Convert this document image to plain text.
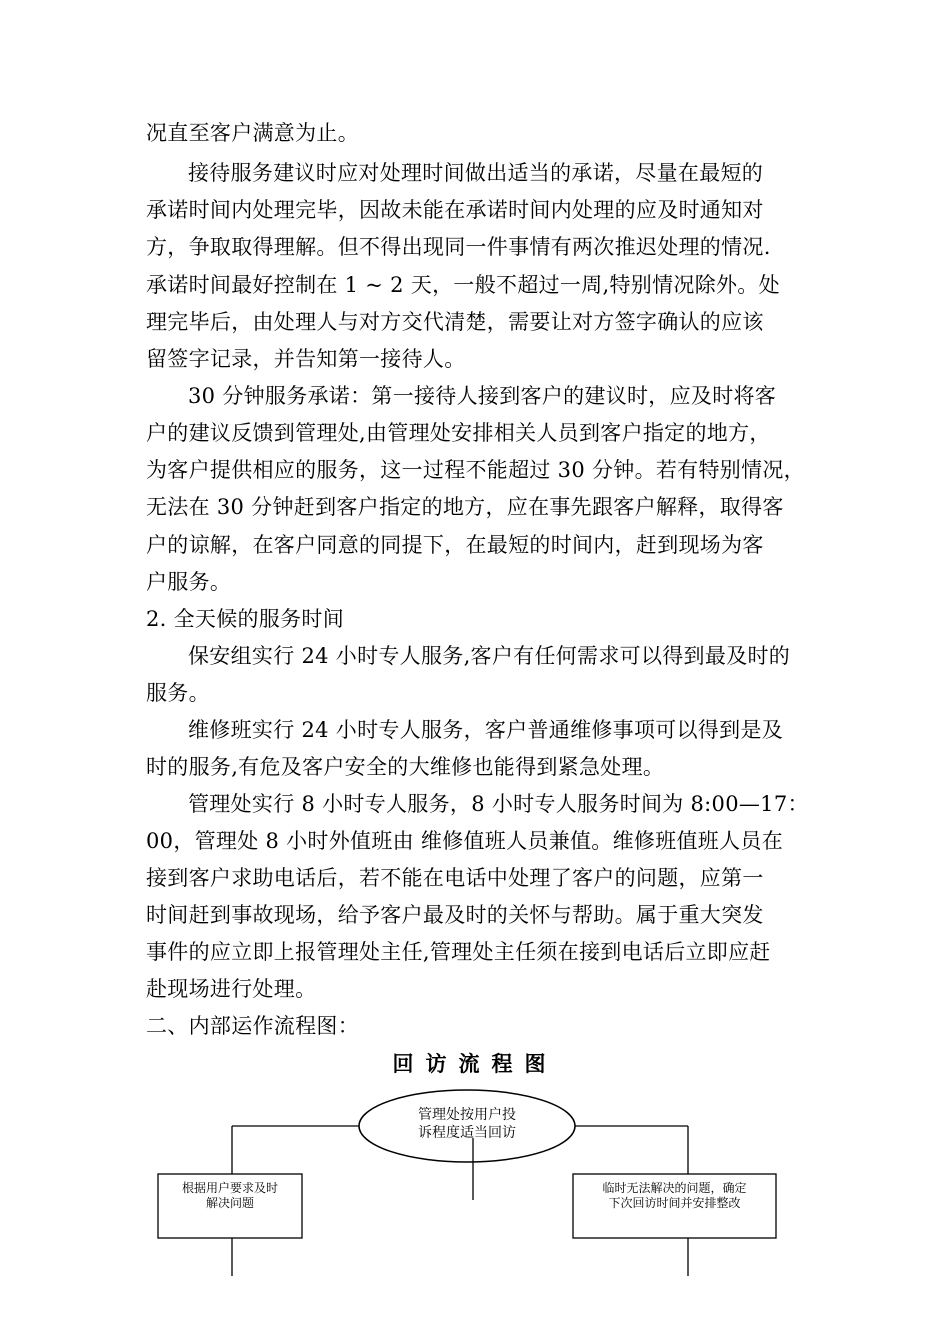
况直至客户满意为止。
接待服务建议时应对处理时间做出适当的承诺，尽量在最短的
承诺时间内处理完毕，因故未能在承诺时间内处理的应及时通知对
方，争取取得理解。但不得出现同一件事情有两次推迟处理的情况.
承诺时间最好控制在 1 ~ 2 天，一般不超过一周,特别情况除外。处
理完毕后，由处理人与对方交代清楚，需要让对方签字确认的应该
留签字记录，并告知第一接待人。
30 分钟服务承诺：第一接待人接到客户的建议时，应及时将客
户的建议反馈到管理处,由管理处安排相关人员到客户指定的地方，
为客户提供相应的服务，这一过程不能超过 30 分钟。若有特别情况，
无法在 30 分钟赶到客户指定的地方，应在事先跟客户解释，取得客
户的谅解，在客户同意的同提下，在最短的时间内，赶到现场为客
户服务。
2. 全天候的服务时间
保安组实行 24 小时专人服务,客户有任何需求可以得到最及时的
服务。
维修班实行 24 小时专人服务，客户普通维修事项可以得到是及
时的服务,有危及客户安全的大维修也能得到紧急处理。
管理处实行 8 小时专人服务，8 小时专人服务时间为 8:00—17：
00，管理处 8 小时外值班由 维修值班人员兼值。维修班值班人员在
接到客户求助电话后，若不能在电话中处理了客户的问题，应第一
时间赶到事故现场，给予客户最及时的关怀与帮助。属于重大突发
事件的应立即上报管理处主任,管理处主任须在接到电话后立即应赶
赴现场进行处理。
二、内部运作流程图：
回访流程图
管理处按用户投
诉程度适当回访
根据用户要求及时
解决问题
临时无法解决的问题，确定
下次回访时间并安排整改
